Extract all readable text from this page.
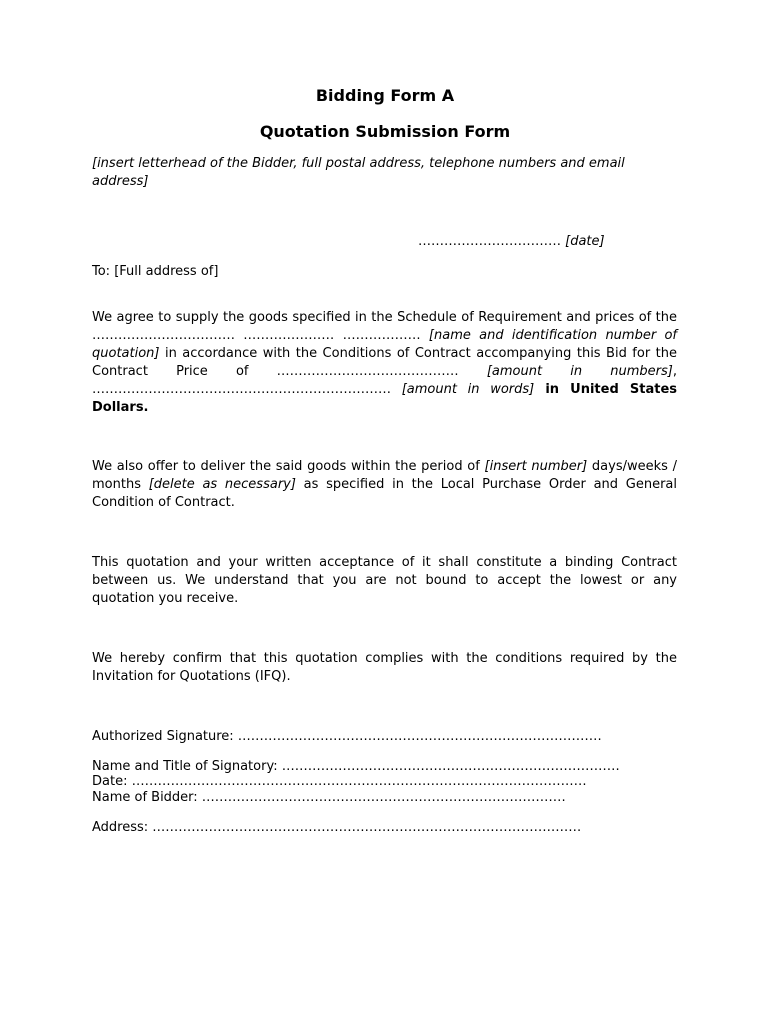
Bidding Form A
Quotation Submission Form
[insert letterhead of the Bidder, full postal address, telephone numbers and email address]
…………………………… [date]
To: [Full address of]
We agree to supply the goods specified in the Schedule of Requirement and prices of the …………………………… ………………… ……………… [name and identification number of quotation] in accordance with the Conditions of Contract accompanying this Bid for the Contract Price of …………………………………… [amount in numbers], …………………………………………………………… [amount in words] in United States Dollars.
We also offer to deliver the said goods within the period of [insert number] days/weeks / months [delete as necessary] as specified in the Local Purchase Order and General Condition of Contract.
This quotation and your written acceptance of it shall constitute a binding Contract between us. We understand that you are not bound to accept the lowest or any quotation you receive.
We hereby confirm that this quotation complies with the conditions required by the Invitation for Quotations (IFQ).
Authorized Signature: …………………………………………………………………………
Name and Title of Signatory: ……………………………………………………………………
Date: ……………………………………………………………………………………………
Name of Bidder: …………………………………………………………………………
Address: ………………………………………………………………………………………
